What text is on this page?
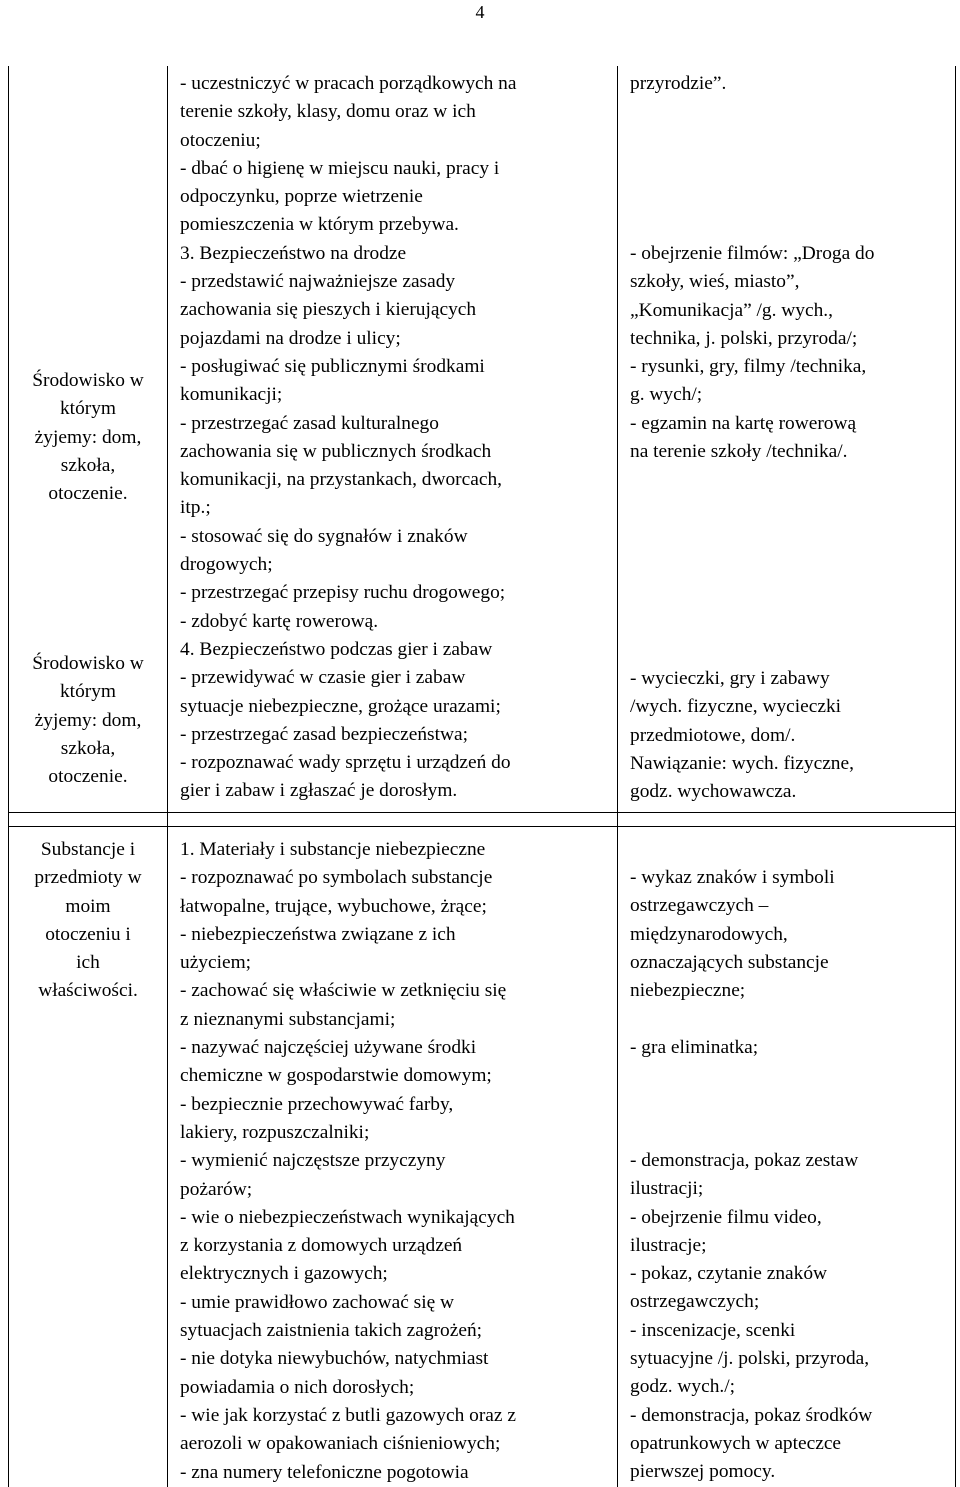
4
Środowisko w
którym
żyjemy: dom,
szkoła,
otoczenie.
Środowisko w
którym
żyjemy: dom,
szkoła,
otoczenie.
- uczestniczyć w pracach porządkowych na
terenie szkoły, klasy, domu oraz w ich
otoczeniu;
- dbać o higienę w miejscu nauki, pracy i
odpoczynku, poprze wietrzenie
pomieszczenia w którym przebywa.
3. Bezpieczeństwo na drodze
- przedstawić najważniejsze zasady
zachowania się pieszych i kierujących
pojazdami na drodze i ulicy;
- posługiwać się publicznymi środkami
komunikacji;
- przestrzegać zasad kulturalnego
zachowania się w publicznych środkach
komunikacji, na przystankach, dworcach,
itp.;
- stosować się do sygnałów i znaków
drogowych;
- przestrzegać przepisy ruchu drogowego;
- zdobyć kartę rowerową.
4. Bezpieczeństwo podczas gier i zabaw
- przewidywać w czasie gier i zabaw
sytuacje niebezpieczne, grożące urazami;
- przestrzegać zasad bezpieczeństwa;
- rozpoznawać wady sprzętu i urządzeń do
gier i zabaw i zgłaszać je dorosłym.
przyrodzie”.
- obejrzenie filmów: „Droga do
szkoły, wieś, miasto”,
„Komunikacja” /g. wych.,
technika, j. polski, przyroda/;
- rysunki, gry, filmy /technika,
g. wych/;
- egzamin na kartę rowerową
na terenie szkoły /technika/.
- wycieczki, gry i zabawy
/wych. fizyczne, wycieczki
przedmiotowe, dom/.
Nawiązanie: wych. fizyczne,
godz. wychowawcza.
Substancje i
przedmioty w
moim
otoczeniu i
ich
właściwości.
1. Materiały i substancje niebezpieczne
- rozpoznawać po symbolach substancje
łatwopalne, trujące, wybuchowe, żrące;
- niebezpieczeństwa związane z ich
użyciem;
- zachować się właściwie w zetknięciu się
z nieznanymi substancjami;
- nazywać najczęściej używane środki
chemiczne w gospodarstwie domowym;
- bezpiecznie przechowywać farby,
lakiery, rozpuszczalniki;
- wymienić najczęstsze przyczyny
pożarów;
- wie o niebezpieczeństwach wynikających
z korzystania z domowych urządzeń
elektrycznych i gazowych;
- umie prawidłowo zachować się w
sytuacjach zaistnienia takich zagrożeń;
- nie dotyka niewybuchów, natychmiast
powiadamia o nich dorosłych;
- wie jak korzystać z butli gazowych oraz z
aerozoli w opakowaniach ciśnieniowych;
- zna numery telefoniczne pogotowia
- wykaz znaków i symboli
ostrzegawczych –
międzynarodowych,
oznaczających substancje
niebezpieczne;
- gra eliminatka;
- demonstracja, pokaz zestaw
ilustracji;
- obejrzenie filmu video,
ilustracje;
- pokaz, czytanie znaków
ostrzegawczych;
- inscenizacje, scenki
sytuacyjne /j. polski, przyroda,
godz. wych./;
- demonstracja, pokaz środków
opatrunkowych w apteczce
pierwszej pomocy.
